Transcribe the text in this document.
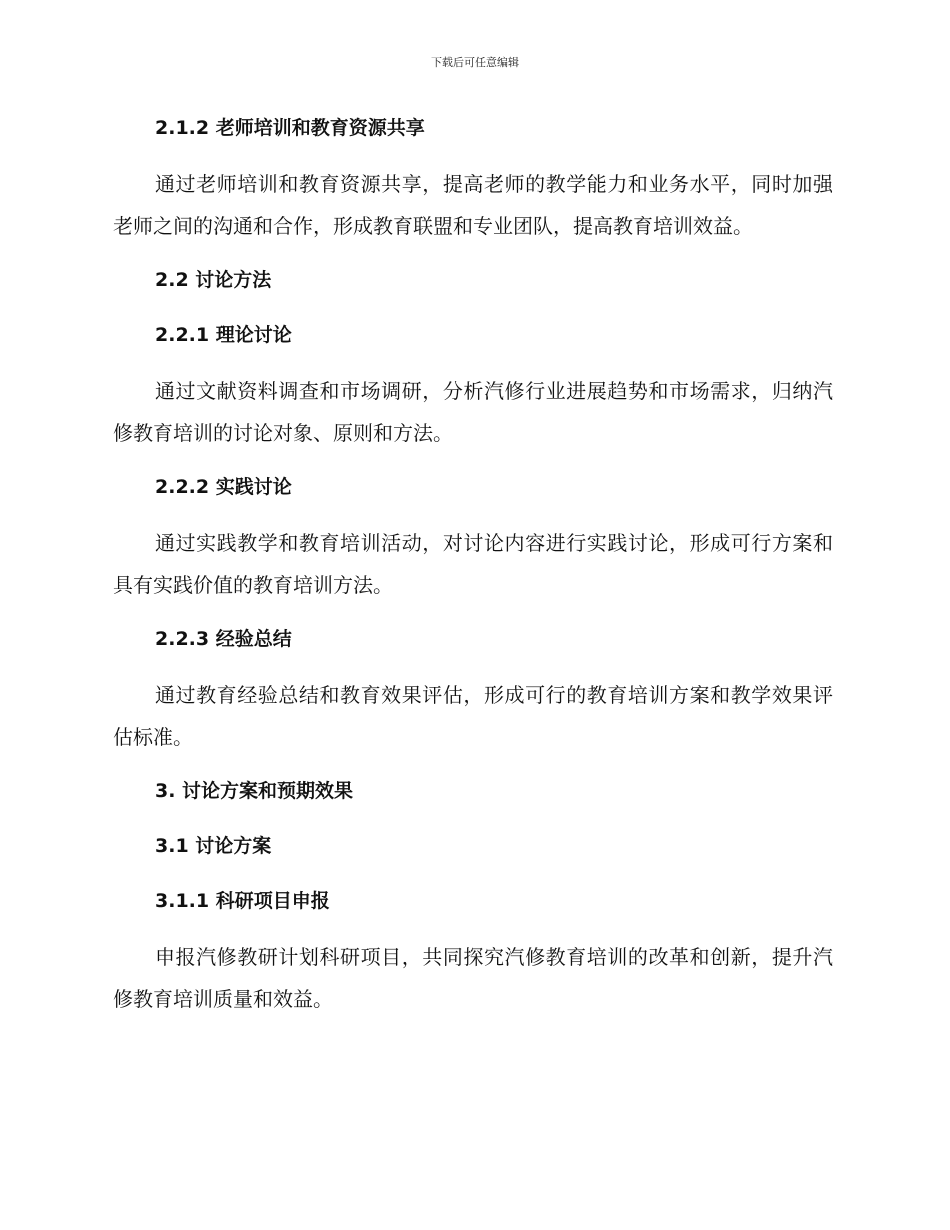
下载后可任意编辑
2.1.2 老师培训和教育资源共享

通过老师培训和教育资源共享，提高老师的教学能力和业务水平，同时加强老师之间的沟通和合作，形成教育联盟和专业团队，提高教育培训效益。

2.2 讨论方法
2.2.1 理论讨论

通过文献资料调查和市场调研，分析汽修行业进展趋势和市场需求，归纳汽修教育培训的讨论对象、原则和方法。

2.2.2 实践讨论

通过实践教学和教育培训活动，对讨论内容进行实践讨论，形成可行方案和具有实践价值的教育培训方法。

2.2.3 经验总结

通过教育经验总结和教育效果评估，形成可行的教育培训方案和教学效果评估标准。

3. 讨论方案和预期效果
3.1 讨论方案
3.1.1 科研项目申报

申报汽修教研计划科研项目，共同探究汽修教育培训的改革和创新，提升汽修教育培训质量和效益。
